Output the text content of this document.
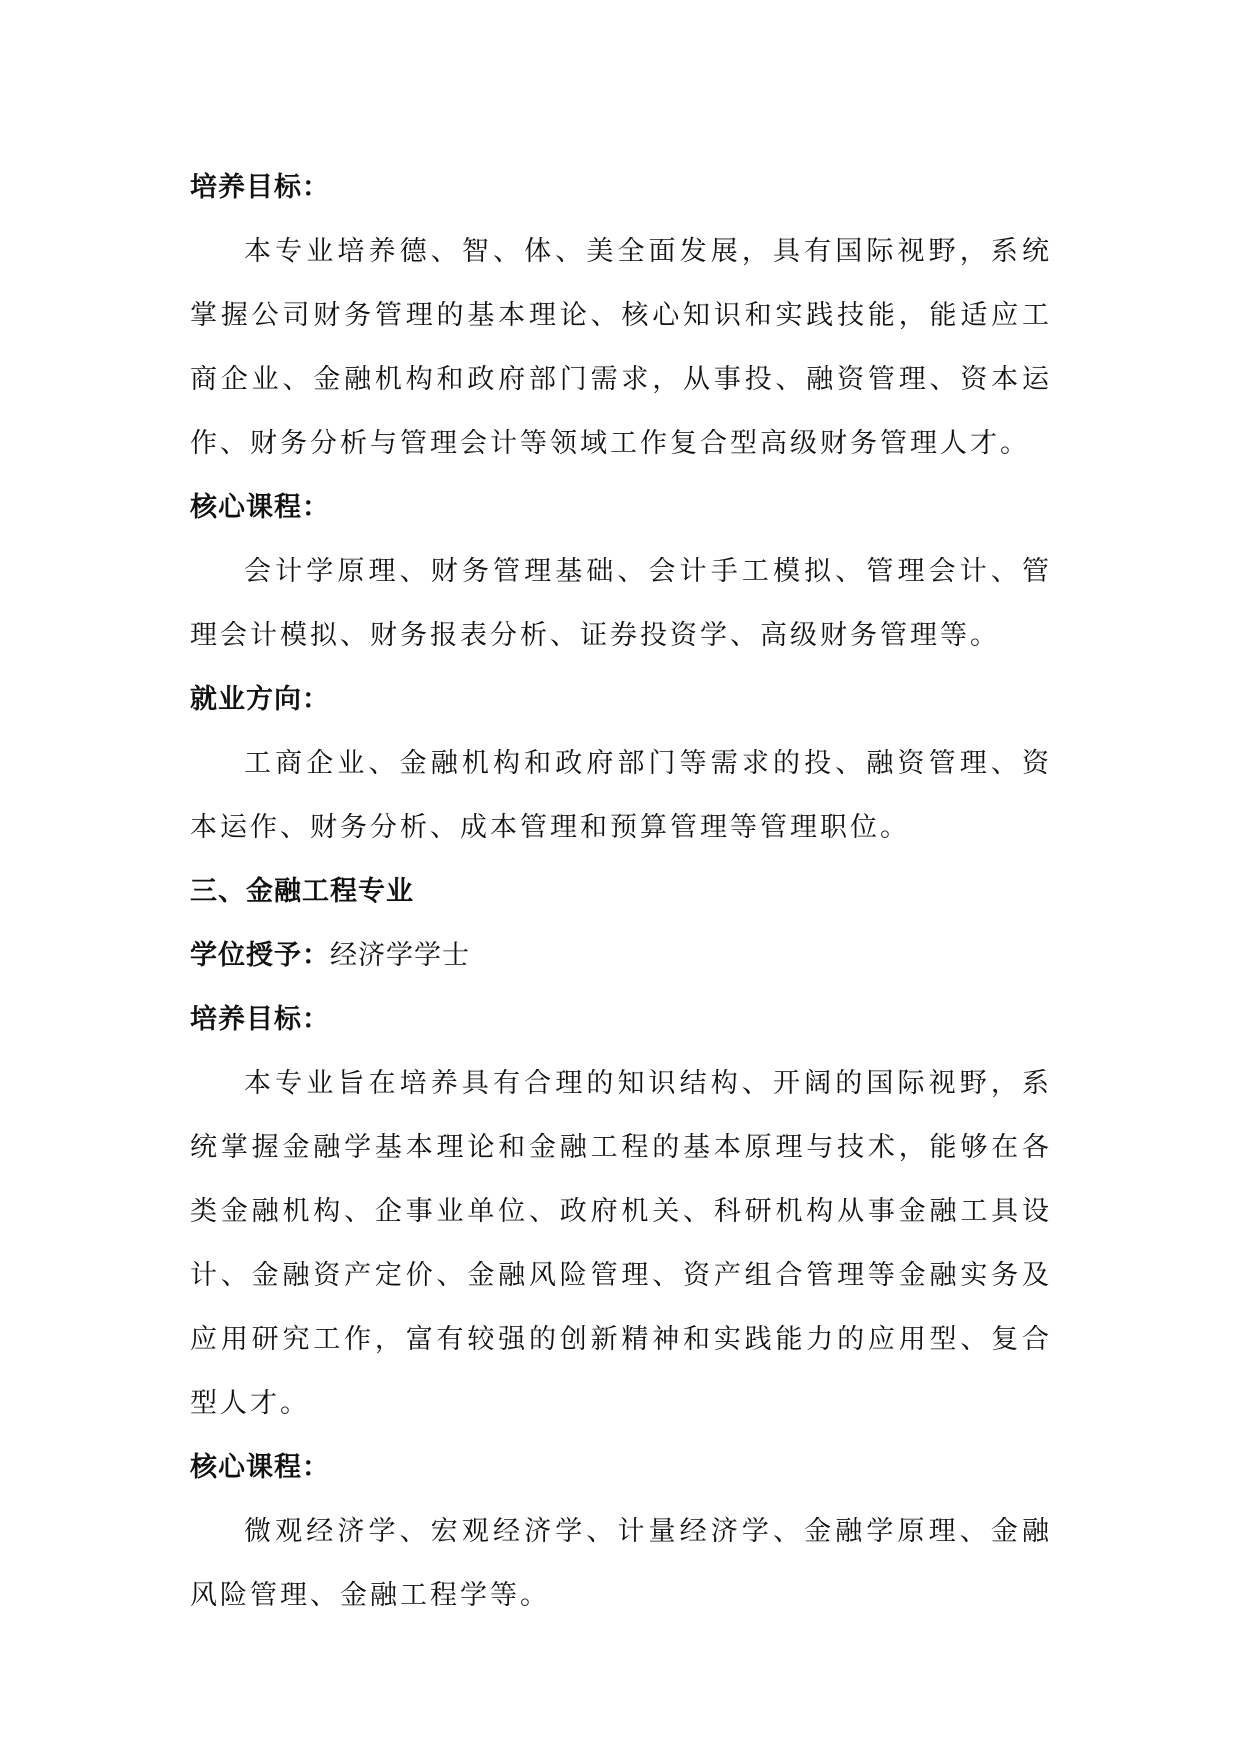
培养目标：

本专业培养德、智、体、美全面发展，具有国际视野，系统掌握公司财务管理的基本理论、核心知识和实践技能，能适应工商企业、金融机构和政府部门需求，从事投、融资管理、资本运作、财务分析与管理会计等领域工作复合型高级财务管理人才。

核心课程：

会计学原理、财务管理基础、会计手工模拟、管理会计、管理会计模拟、财务报表分析、证券投资学、高级财务管理等。

就业方向：

工商企业、金融机构和政府部门等需求的投、融资管理、资本运作、财务分析、成本管理和预算管理等管理职位。

三、金融工程专业
学位授予：经济学学士
培养目标：

本专业旨在培养具有合理的知识结构、开阔的国际视野，系统掌握金融学基本理论和金融工程的基本原理与技术，能够在各类金融机构、企事业单位、政府机关、科研机构从事金融工具设计、金融资产定价、金融风险管理、资产组合管理等金融实务及应用研究工作，富有较强的创新精神和实践能力的应用型、复合型人才。

核心课程：

微观经济学、宏观经济学、计量经济学、金融学原理、金融风险管理、金融工程学等。
